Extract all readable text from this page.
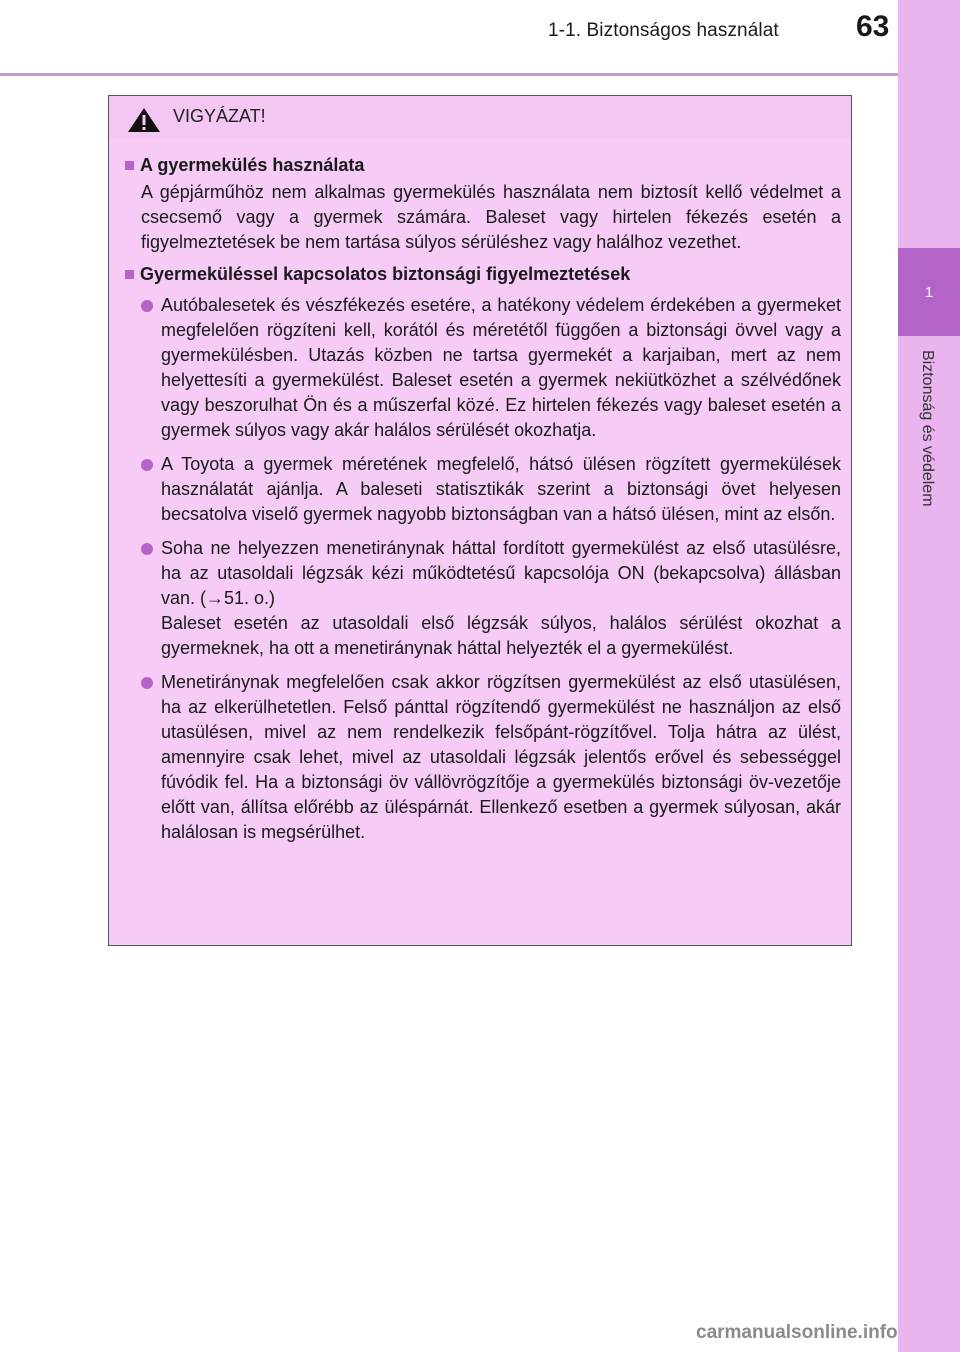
1-1. Biztonságos használat	63
1
Biztonság és védelem
VIGYÁZAT!
A gyermekülés használata
A gépjárműhöz nem alkalmas gyermekülés használata nem biztosít kellő védelmet a csecsemő vagy a gyermek számára. Baleset vagy hirtelen fékezés esetén a figyelmeztetések be nem tartása súlyos sérüléshez vagy halálhoz vezethet.
Gyermeküléssel kapcsolatos biztonsági figyelmeztetések

Autóbalesetek és vészfékezés esetére, a hatékony védelem érdekében a gyermeket megfelelően rögzíteni kell, korától és méretétől függően a biztonsági övvel vagy a gyermekülésben. Utazás közben ne tartsa gyermekét a karjaiban, mert az nem helyettesíti a gyermekülést. Baleset esetén a gyermek nekiütközhet a szélvédőnek vagy beszorulhat Ön és a műszerfal közé. Ez hirtelen fékezés vagy baleset esetén a gyermek súlyos vagy akár halálos sérülését okozhatja.

A Toyota a gyermek méretének megfelelő, hátsó ülésen rögzített gyermekülések használatát ajánlja. A baleseti statisztikák szerint a biztonsági övet helyesen becsatolva viselő gyermek nagyobb biztonságban van a hátsó ülésen, mint az elsőn.

Soha ne helyezzen menetiránynak háttal fordított gyermekülést az első utasülésre, ha az utasoldali légzsák kézi működtetésű kapcsolója ON (bekapcsolva) állásban van. (→51. o.)

Baleset esetén az utasoldali első légzsák súlyos, halálos sérülést okozhat a gyermeknek, ha ott a menetiránynak háttal helyezték el a gyermekülést.

Menetiránynak megfelelően csak akkor rögzítsen gyermekülést az első utasülésen, ha az elkerülhetetlen. Felső pánttal rögzítendő gyermekülést ne használjon az első utasülésen, mivel az nem rendelkezik felsőpánt-rögzítővel. Tolja hátra az ülést, amennyire csak lehet, mivel az utasoldali légzsák jelentős erővel és sebességgel fúvódik fel. Ha a biztonsági öv vállövrögzítője a gyermekülés biztonsági öv-vezetője előtt van, állítsa előrébb az üléspárnát. Ellenkező esetben a gyermek súlyosan, akár halálosan is megsérülhet.

carmanualsonline.info
